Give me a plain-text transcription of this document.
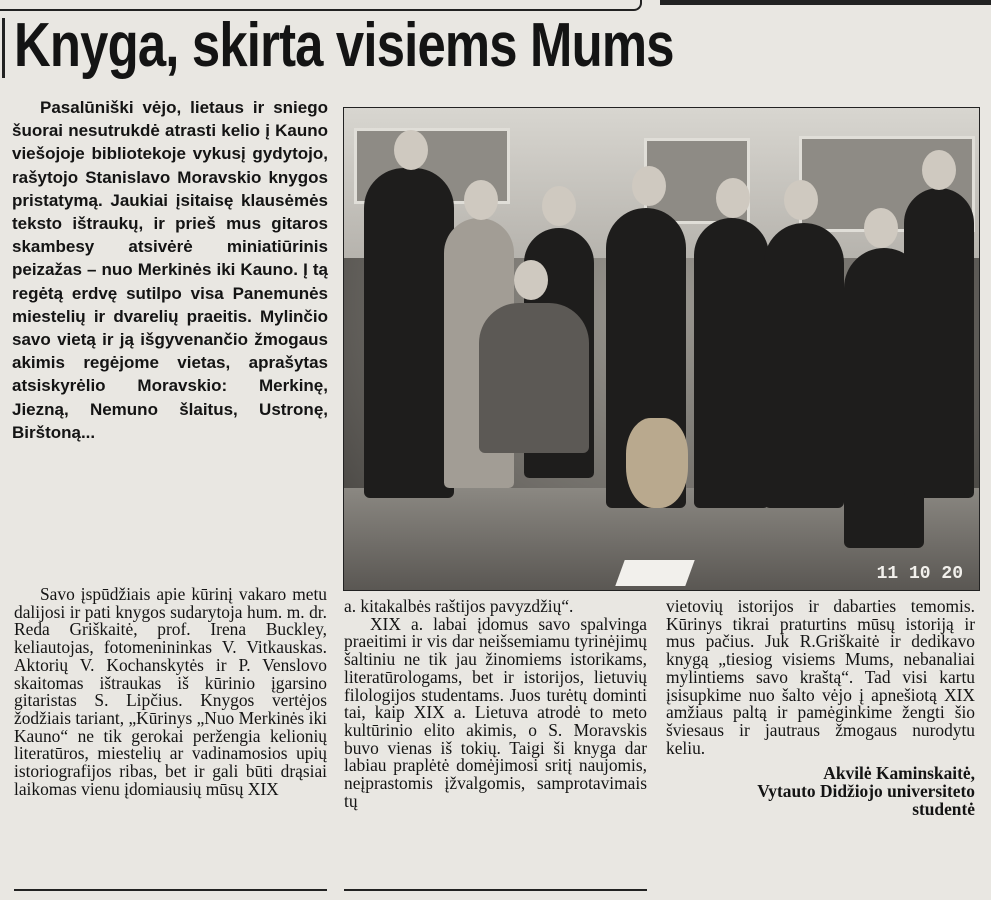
Knyga, skirta visiems Mums

Pasalūniški vėjo, lietaus ir sniego šuorai nesutrukdė atrasti kelio į Kauno viešojoje bibliotekoje vykusį gydytojo, rašytojo Stanislavo Moravskio knygos pristatymą. Jaukiai įsitaisę klausėmės teksto ištraukų, ir prieš mus gitaros skambesy atsivėrė miniatiūrinis peizažas – nuo Merkinės iki Kauno. Į tą regėtą erdvę sutilpo visa Panemunės miestelių ir dvarelių praeitis. Mylinčio savo vietą ir ją išgyvenančio žmogaus akimis regėjome vietas, aprašytas atsiskyrėlio Moravskio: Merkinę, Jiezną, Nemuno šlaitus, Ustronę, Birštoną...

11 10 20

Savo įspūdžiais apie kūrinį vakaro metu dalijosi ir pati knygos sudarytoja hum. m. dr. Reda Griškaitė, prof. Irena Buckley, keliautojas, fotomenininkas V. Vitkauskas. Aktorių V. Kochanskytės ir P. Venslovo skaitomas ištraukas iš kūrinio įgarsino gitaristas S. Lipčius. Knygos vertėjos žodžiais tariant, „Kūrinys „Nuo Merkinės iki Kauno“ ne tik gerokai peržengia kelionių literatūros, miestelių ar vadinamosios upių istoriografijos ribas, bet ir gali būti drąsiai laikomas vienu įdomiausių mūsų XIX

a. kitakalbės raštijos pavyzdžių“.

XIX a. labai įdomus savo spalvinga praeitimi ir vis dar neišsemiamu tyrinėjimų šaltiniu ne tik jau žinomiems istorikams, literatūrologams, bet ir istorijos, lietuvių filologijos studentams. Juos turėtų dominti tai, kaip XIX a. Lietuva atrodė to meto kultūrinio elito akimis, o S. Moravskis buvo vienas iš tokių. Taigi ši knyga dar labiau praplėtė domėjimosi sritį naujomis, neįprastomis įžvalgomis, samprotavimais tų

vietovių istorijos ir dabarties temomis. Kūrinys tikrai praturtins mūsų istoriją ir mus pačius. Juk R.Griškaitė ir dedikavo knygą „tiesiog visiems Mums, nebanaliai mylintiems savo kraštą“. Tad visi kartu įsisupkime nuo šalto vėjo į apnešiotą XIX amžiaus paltą ir pamėginkime žengti šio šviesaus ir jautraus žmogaus nurodytu keliu.

Akvilė Kaminskaitė,
Vytauto Didžiojo universiteto
studentė
